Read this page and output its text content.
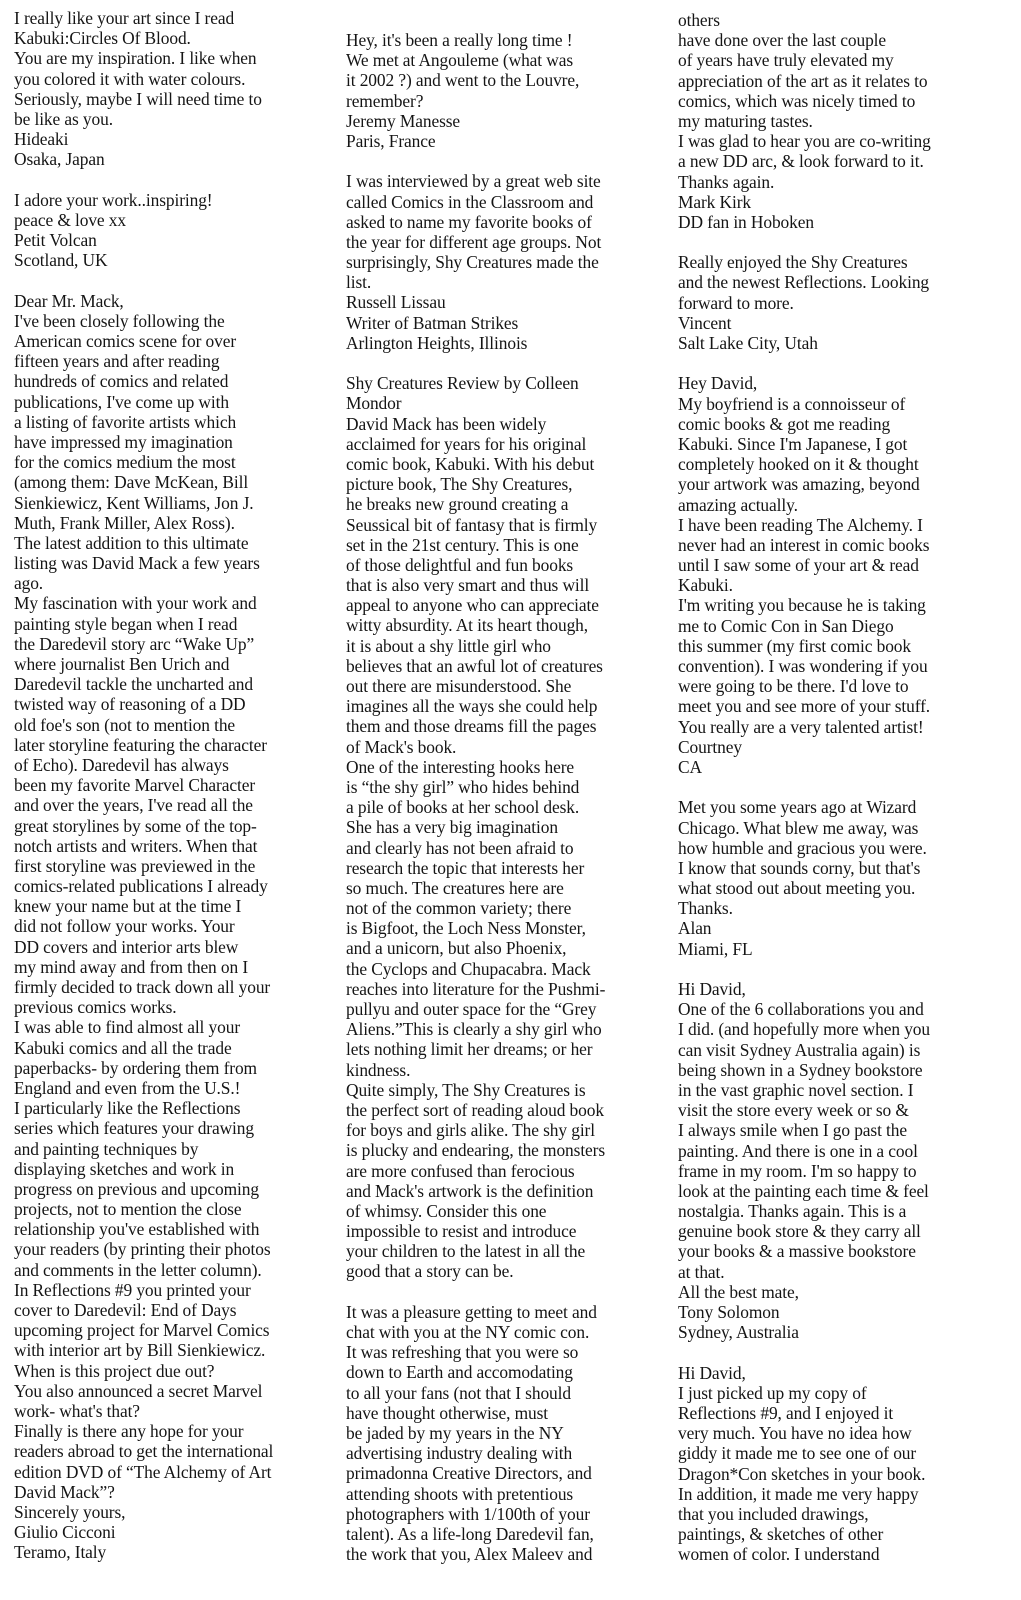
I really like your art since I read
Kabuki:Circles Of Blood.
You are my inspiration. I like when
you colored it with water colours.
Seriously, maybe I will need time to
be like as you.
Hideaki
Osaka, Japan
I adore your work..inspiring!
peace & love xx
Petit Volcan
Scotland, UK
Dear Mr. Mack,
I've been closely following the
American comics scene for over
fifteen years and after reading
hundreds of comics and related
publications, I've come up with
a listing of favorite artists which
have impressed my imagination
for the comics medium the most
(among them: Dave McKean, Bill
Sienkiewicz, Kent Williams, Jon J.
Muth, Frank Miller, Alex Ross).
The latest addition to this ultimate
listing was David Mack a few years
ago.
My fascination with your work and
painting style began when I read
the Daredevil story arc “Wake Up”
where journalist Ben Urich and
Daredevil tackle the uncharted and
twisted way of reasoning of a DD
old foe's son (not to mention the
later storyline featuring the character
of Echo). Daredevil has always
been my favorite Marvel Character
and over the years, I've read all the
great storylines by some of the top-
notch artists and writers. When that
first storyline was previewed in the
comics-related publications I already
knew your name but at the time I
did not follow your works. Your
DD covers and interior arts blew
my mind away and from then on I
firmly decided to track down all your
previous comics works.
I was able to find almost all your
Kabuki comics and all the trade
paperbacks- by ordering them from
England and even from the U.S.!
I particularly like the Reflections
series which features your drawing
and painting techniques by
displaying sketches and work in
progress on previous and upcoming
projects, not to mention the close
relationship you've established with
your readers (by printing their photos
and comments in the letter column).
In Reflections #9 you printed your
cover to Daredevil: End of Days
upcoming project for Marvel Comics
with interior art by Bill Sienkiewicz.
When is this project due out?
You also announced a secret Marvel
work- what's that?
Finally is there any hope for your
readers abroad to get the international
edition DVD of “The Alchemy of Art
David Mack”?
Sincerely yours,
Giulio Cicconi
Teramo, Italy
Hey, it's been a really long time !
We met at Angouleme (what was
it 2002 ?) and went to the Louvre,
remember?
Jeremy Manesse
Paris, France
I was interviewed by a great web site
called Comics in the Classroom and
asked to name my favorite books of
the year for different age groups. Not
surprisingly, Shy Creatures made the
list.
Russell Lissau
Writer of Batman Strikes
Arlington Heights, Illinois
Shy Creatures Review by Colleen
Mondor
David Mack has been widely
acclaimed for years for his original
comic book, Kabuki. With his debut
picture book, The Shy Creatures,
he breaks new ground creating a
Seussical bit of fantasy that is firmly
set in the 21st century. This is one
of those delightful and fun books
that is also very smart and thus will
appeal to anyone who can appreciate
witty absurdity. At its heart though,
it is about a shy little girl who
believes that an awful lot of creatures
out there are misunderstood. She
imagines all the ways she could help
them and those dreams fill the pages
of Mack's book.
One of the interesting hooks here
is “the shy girl” who hides behind
a pile of books at her school desk.
She has a very big imagination
and clearly has not been afraid to
research the topic that interests her
so much. The creatures here are
not of the common variety; there
is Bigfoot, the Loch Ness Monster,
and a unicorn, but also Phoenix,
the Cyclops and Chupacabra. Mack
reaches into literature for the Pushmi-
pullyu and outer space for the “Grey
Aliens.”This is clearly a shy girl who
lets nothing limit her dreams; or her
kindness.
Quite simply, The Shy Creatures is
the perfect sort of reading aloud book
for boys and girls alike. The shy girl
is plucky and endearing, the monsters
are more confused than ferocious
and Mack's artwork is the definition
of whimsy. Consider this one
impossible to resist and introduce
your children to the latest in all the
good that a story can be.
It was a pleasure getting to meet and
chat with you at the NY comic con.
It was refreshing that you were so
down to Earth and accomodating
to all your fans (not that I should
have thought otherwise, must
be jaded by my years in the NY
advertising industry dealing with
primadonna Creative Directors, and
attending shoots with pretentious
photographers with 1/100th of your
talent). As a life-long Daredevil fan,
the work that you, Alex Maleev and
others
have done over the last couple
of years have truly elevated my
appreciation of the art as it relates to
comics, which was nicely timed to
my maturing tastes.
I was glad to hear you are co-writing
a new DD arc, & look forward to it.
Thanks again.
Mark Kirk
DD fan in Hoboken
Really enjoyed the Shy Creatures
and the newest Reflections. Looking
forward to more.
Vincent
Salt Lake City, Utah
Hey David,
My boyfriend is a connoisseur of
comic books & got me reading
Kabuki. Since I'm Japanese, I got
completely hooked on it & thought
your artwork was amazing, beyond
amazing actually.
I have been reading The Alchemy. I
never had an interest in comic books
until I saw some of your art & read
Kabuki.
I'm writing you because he is taking
me to Comic Con in San Diego
this summer (my first comic book
convention). I was wondering if you
were going to be there. I'd love to
meet you and see more of your stuff.
You really are a very talented artist!
Courtney
CA
Met you some years ago at Wizard
Chicago. What blew me away, was
how humble and gracious you were.
I know that sounds corny, but that's
what stood out about meeting you.
Thanks.
Alan
Miami, FL
Hi David,
One of the 6 collaborations you and
I did. (and hopefully more when you
can visit Sydney Australia again) is
being shown in a Sydney bookstore
in the vast graphic novel section. I
visit the store every week or so &
I always smile when I go past the
painting. And there is one in a cool
frame in my room. I'm so happy to
look at the painting each time & feel
nostalgia. Thanks again. This is a
genuine book store & they carry all
your books & a massive bookstore
at that.
All the best mate,
Tony Solomon
Sydney, Australia
Hi David,
I just picked up my copy of
Reflections #9, and I enjoyed it
very much. You have no idea how
giddy it made me to see one of our
Dragon*Con sketches in your book.
In addition, it made me very happy
that you included drawings,
paintings, & sketches of other
women of color. I understand
